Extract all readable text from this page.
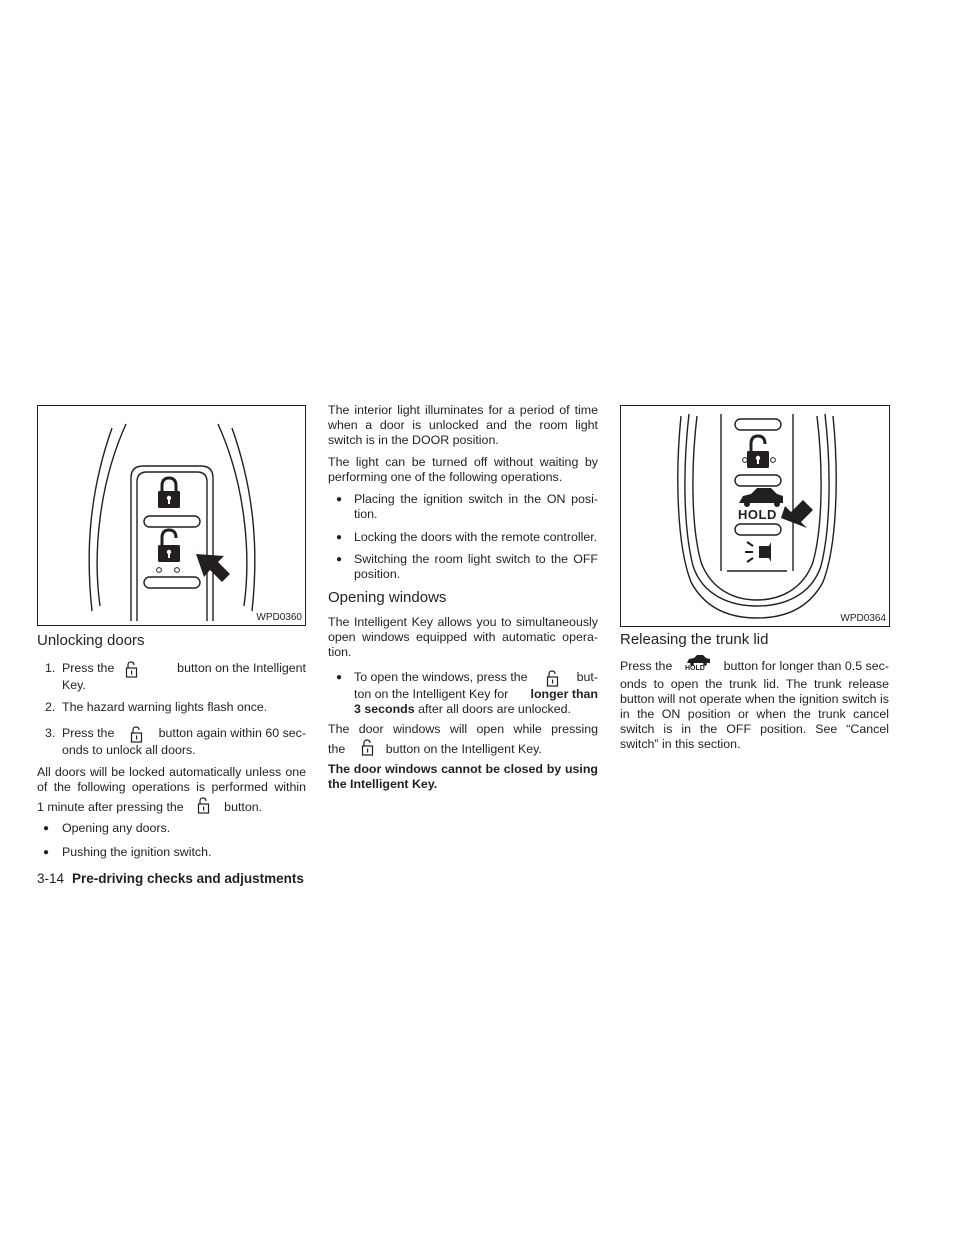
WPD0360
Unlocking doors
1. Press the	button on the Intelligent
Key.
2. The hazard warning lights flash once.
3. Press the	button again within 60 sec-
onds to unlock all doors.
All doors will be locked automatically unless one
of the following operations is performed within
1 minute after pressing the	button.
● Opening any doors.
● Pushing the ignition switch.

The interior light illuminates for a period of time when a door is unlocked and the room light switch is in the DOOR position.

The light can be turned off without waiting by performing one of the following operations.

● Placing the ignition switch in the ON posi-tion.

● Locking the doors with the remote controller.

● Switching the room light switch to the OFF position.

Opening windows

The Intelligent Key allows you to simultaneously open windows equipped with automatic opera-tion.

● To open the windows, press the	but-
ton on the Intelligent Key for longer than
3 seconds after all doors are unlocked.
The door windows will open while pressing
the	button on the Intelligent Key.

The door windows cannot be closed by using the Intelligent Key.

HOLD
WPD0364
Releasing the trunk lid
Press the HOLD button for longer than 0.5 sec-

onds to open the trunk lid. The trunk release button will not operate when the ignition switch is in the ON position or when the trunk cancel switch is in the OFF position. See “Cancel switch” in this section.

3-14 Pre-driving checks and adjustments
